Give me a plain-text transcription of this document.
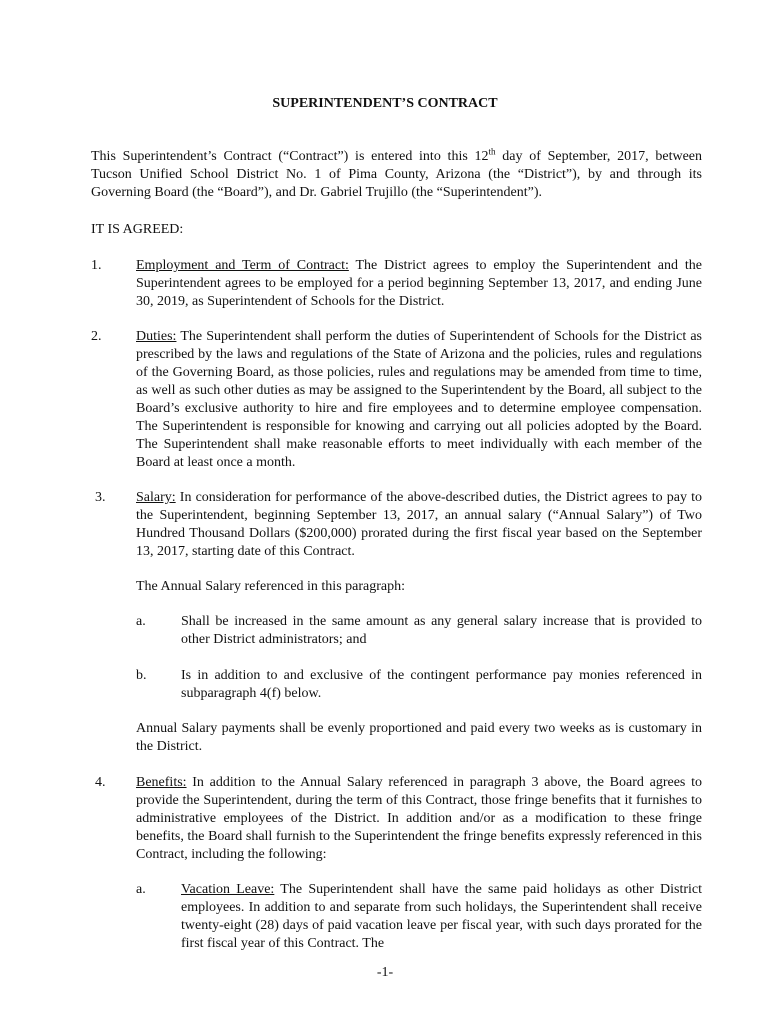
SUPERINTENDENT’S CONTRACT
This Superintendent’s Contract (“Contract”) is entered into this 12th day of September, 2017, between Tucson Unified School District No. 1 of Pima County, Arizona (the “District”), by and through its Governing Board (the “Board”), and Dr. Gabriel Trujillo (the “Superintendent”).
IT IS AGREED:
1. Employment and Term of Contract: The District agrees to employ the Superintendent and the Superintendent agrees to be employed for a period beginning September 13, 2017, and ending June 30, 2019, as Superintendent of Schools for the District.
2. Duties: The Superintendent shall perform the duties of Superintendent of Schools for the District as prescribed by the laws and regulations of the State of Arizona and the policies, rules and regulations of the Governing Board, as those policies, rules and regulations may be amended from time to time, as well as such other duties as may be assigned to the Superintendent by the Board, all subject to the Board’s exclusive authority to hire and fire employees and to determine employee compensation. The Superintendent is responsible for knowing and carrying out all policies adopted by the Board. The Superintendent shall make reasonable efforts to meet individually with each member of the Board at least once a month.
3. Salary: In consideration for performance of the above-described duties, the District agrees to pay to the Superintendent, beginning September 13, 2017, an annual salary (“Annual Salary”) of Two Hundred Thousand Dollars ($200,000) prorated during the first fiscal year based on the September 13, 2017, starting date of this Contract.
The Annual Salary referenced in this paragraph:
a.	Shall be increased in the same amount as any general salary increase that is provided to other District administrators; and
b. Is in addition to and exclusive of the contingent performance pay monies referenced in subparagraph 4(f) below.
Annual Salary payments shall be evenly proportioned and paid every two weeks as is customary in the District.
4. Benefits: In addition to the Annual Salary referenced in paragraph 3 above, the Board agrees to provide the Superintendent, during the term of this Contract, those fringe benefits that it furnishes to administrative employees of the District. In addition and/or as a modification to these fringe benefits, the Board shall furnish to the Superintendent the fringe benefits expressly referenced in this Contract, including the following:
a.	Vacation Leave: The Superintendent shall have the same paid holidays as other District employees. In addition to and separate from such holidays, the Superintendent shall receive twenty-eight (28) days of paid vacation leave per fiscal year, with such days prorated for the first fiscal year of this Contract. The
-1-
